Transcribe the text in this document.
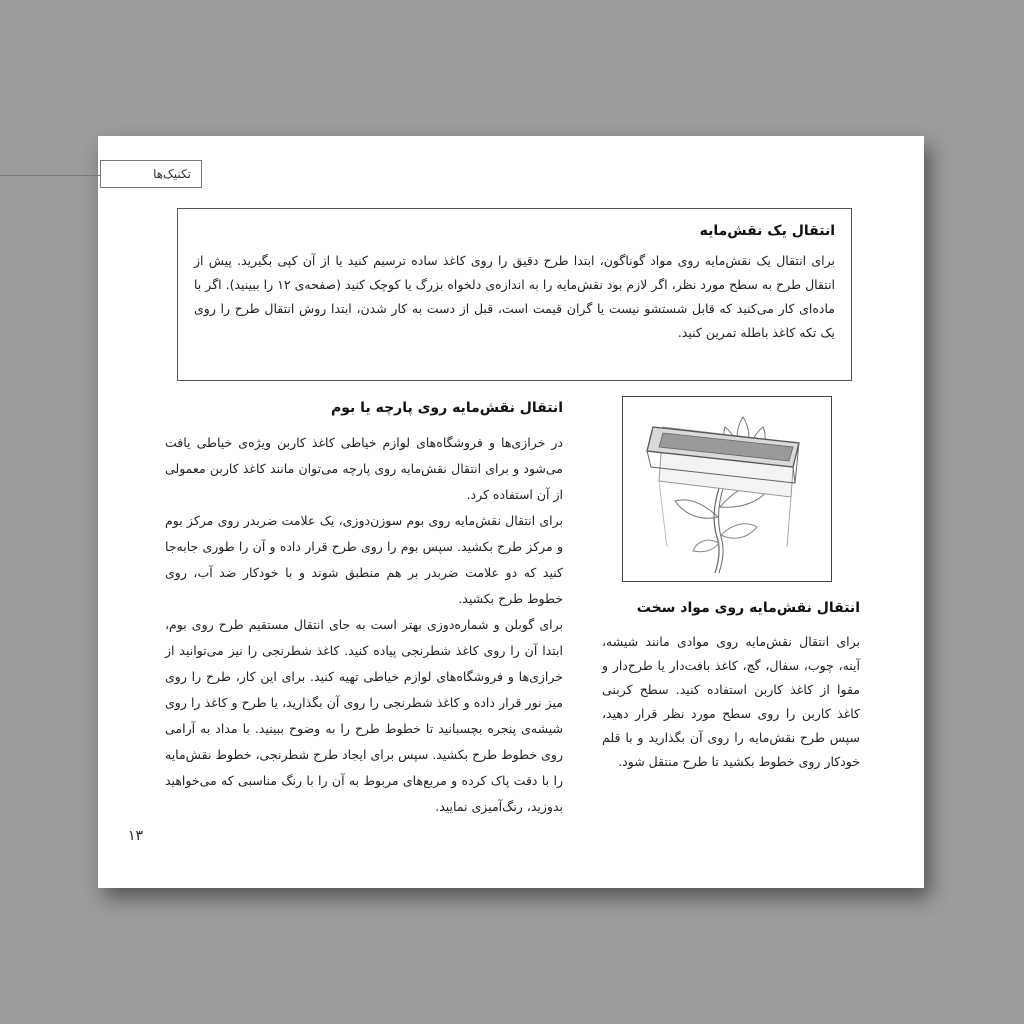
تکنیک‌ها
انتقال یک نقش‌مایه

برای انتقال یک نقش‌مایه روی مواد گوناگون، ابتدا طرح دقیق را روی کاغذ ساده ترسیم کنید یا از آن کپی بگیرید. پیش از انتقال طرح به سطح مورد نظر، اگر لازم بود نقش‌مایه را به اندازه‌ی دلخواه بزرگ یا کوچک کنید (صفحه‌ی ۱۲ را ببینید). اگر با ماده‌ای کار می‌کنید که قابل شستشو نیست یا گران قیمت است، قبل از دست به کار شدن، ابتدا روش انتقال طرح را روی یک تکه کاغذ باطله تمرین کنید.

انتقال نقش‌مایه روی پارچه یا بوم

در خرازی‌ها و فروشگاه‌های لوازم خیاطی کاغذ کاربن ویژه‌ی خیاطی یافت می‌شود و برای انتقال نقش‌مایه روی پارچه می‌توان مانند کاغذ کاربن معمولی از آن استفاده کرد.

برای انتقال نقش‌مایه روی بوم سوزن‌دوزی، یک علامت ضربدر روی مرکز بوم و مرکز طرح بکشید. سپس بوم را روی طرح قرار داده و آن را طوری جابه‌جا کنید که دو علامت ضربدر بر هم منطبق شوند و با خودکار ضد آب، روی خطوط طرح بکشید.

برای گوبلن و شماره‌دوزی بهتر است به جای انتقال مستقیم طرح روی بوم، ابتدا آن را روی کاغذ شطرنجی پیاده کنید. کاغذ شطرنجی را نیز می‌توانید از خرازی‌ها و فروشگاه‌های لوازم خیاطی تهیه کنید. برای این کار، طرح را روی میز نور قرار داده و کاغذ شطرنجی را روی آن بگذارید، یا طرح و کاغذ را روی شیشه‌ی پنجره بچسبانید تا خطوط طرح را به وضوح ببینید. با مداد به آرامی روی خطوط طرح بکشید. سپس برای ایجاد طرح شطرنجی، خطوط نقش‌مایه را با دقت پاک کرده و مربع‌های مربوط به آن را با رنگ مناسبی که می‌خواهید بدوزید، رنگ‌آمیزی نمایید.

انتقال نقش‌مایه روی مواد سخت

برای انتقال نقش‌مایه روی موادی مانند شیشه، آینه، چوب، سفال، گچ، کاغذ بافت‌دار یا طرح‌دار و مقوا از کاغذ کاربن استفاده کنید. سطح کربنی کاغذ کاربن را روی سطح مورد نظر قرار دهید، سپس طرح نقش‌مایه را روی آن بگذارید و با قلم خودکار روی خطوط بکشید تا طرح منتقل شود.

۱۳
